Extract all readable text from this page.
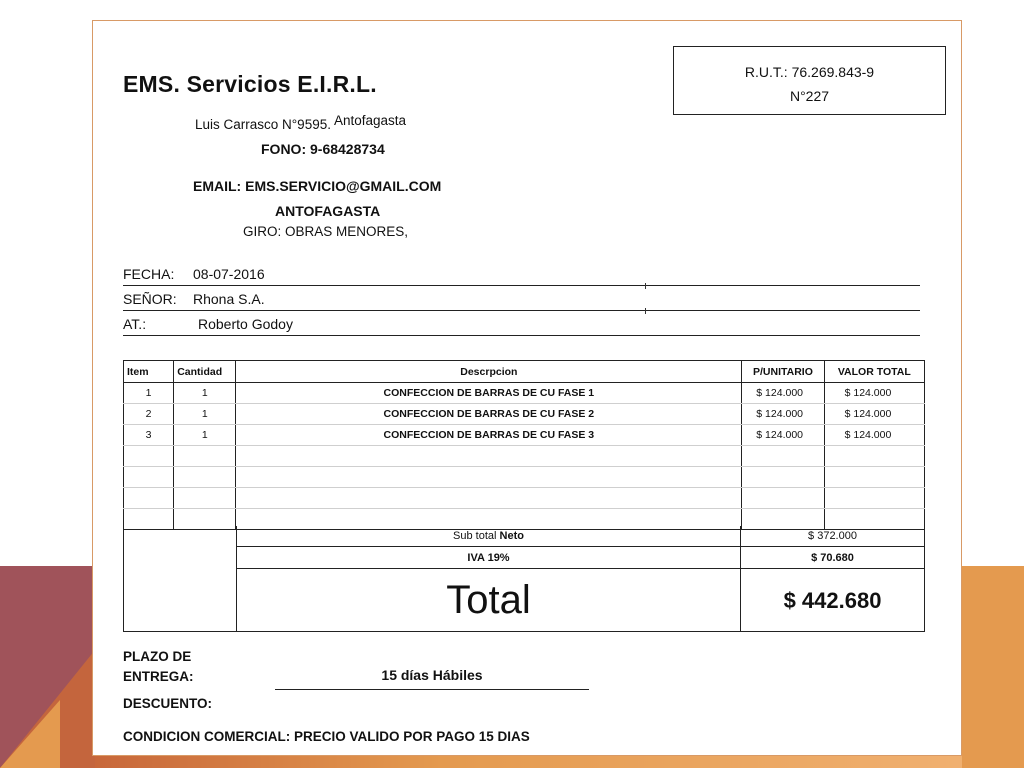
EMS. Servicios E.I.R.L.
Luis Carrasco N°9595. Antofagasta
FONO: 9-68428734
EMAIL: EMS.SERVICIO@GMAIL.COM
ANTOFAGASTA
GIRO: OBRAS MENORES,
R.U.T.: 76.269.843-9
N°227
FECHA: 08-07-2016
SEÑOR: Rhona S.A.
AT.:	Roberto Godoy
Item	Cantidad	Descrpcion	P/UNITARIO	VALOR TOTAL
1	1	CONFECCION DE BARRAS DE CU FASE 1	$ 124.000	$ 124.000
2	1	CONFECCION DE BARRAS DE CU FASE 2	$ 124.000	$ 124.000
3	1	CONFECCION DE BARRAS DE CU FASE 3	$ 124.000	$ 124.000

Sub total Neto	$ 372.000
IVA 19%	$ 70.680
Total	$ 442.680
PLAZO DE
ENTREGA:	15 días Hábiles
DESCUENTO:
CONDICION COMERCIAL: PRECIO VALIDO POR PAGO 15 DIAS
